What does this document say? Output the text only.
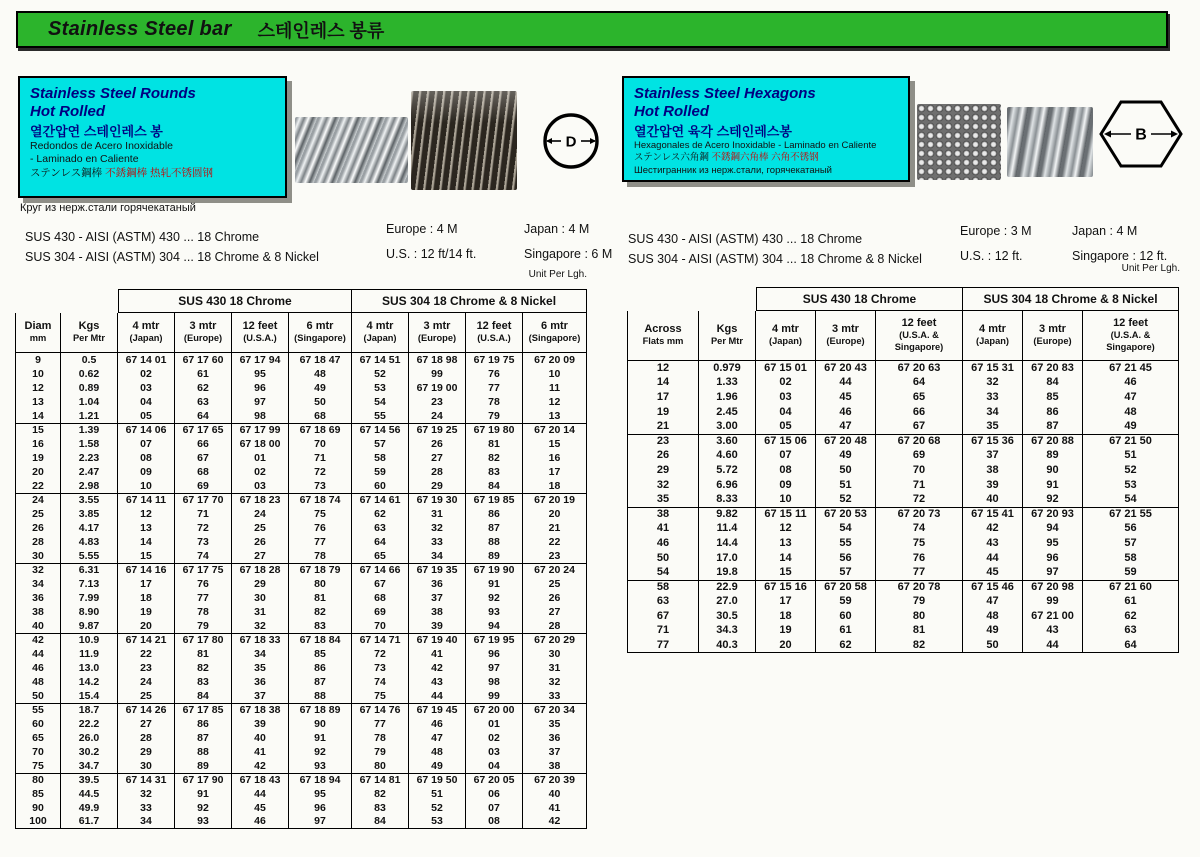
Stainless Steel bar 스테인레스 봉류
Stainless Steel Rounds
Hot Rolled
열간압연 스테인레스 봉
Redondos de Acero Inoxidable
- Laminado en Caliente
ステンレス鋼棒 不銹鋼棒 热轧不锈圆钢
Круг из нерж.стали горячекатаный
D
SUS 430 - AISI (ASTM) 430 ... 18 Chrome
SUS 304 - AISI (ASTM) 304 ... 18 Chrome & 8 Nickel
Europe : 4 M	Japan : 4 M
U.S. : 12 ft/14 ft.	Singapore : 6 M
Unit Per Lgh.
Stainless Steel Hexagons
Hot Rolled
열간압연 육각 스테인레스봉
Hexagonales de Acero Inoxidable - Laminado en Caliente
ステンレス六角鋼 不銹鋼六角棒 六角不锈钢
Шестигранник из нерж.стали, горячекатаный
B
SUS 430 - AISI (ASTM) 430 ... 18 Chrome
SUS 304 - AISI (ASTM) 304 ... 18 Chrome & 8 Nickel
Europe : 3 M	Japan : 4 M
U.S. : 12 ft.	Singapore : 12 ft.
Unit Per Lgh.
SUS 430 18 Chrome	SUS 304 18 Chrome & 8 Nickel
Diam
mm
Kgs
Per Mtr
4 mtr
(Japan)
3 mtr
(Europe)
12 feet
(U.S.A.)
6 mtr
(Singapore)
4 mtr
(Japan)
3 mtr
(Europe)
12 feet
(U.S.A.)
6 mtr
(Singapore)
9	0.5	67 14 01	67 17 60	67 17 94	67 18 47	67 14 51	67 18 98	67 19 75	67 20 09
10	0.62	02	61	95	48	52	99	76	10
12	0.89	03	62	96	49	53	67 19 00	77	11
13	1.04	04	63	97	50	54	23	78	12
14	1.21	05	64	98	68	55	24	79	13
15	1.39	67 14 06	67 17 65	67 17 99	67 18 69	67 14 56	67 19 25	67 19 80	67 20 14
16	1.58	07	66	67 18 00	70	57	26	81	15
19	2.23	08	67	01	71	58	27	82	16
20	2.47	09	68	02	72	59	28	83	17
22	2.98	10	69	03	73	60	29	84	18
24	3.55	67 14 11	67 17 70	67 18 23	67 18 74	67 14 61	67 19 30	67 19 85	67 20 19
25	3.85	12	71	24	75	62	31	86	20
26	4.17	13	72	25	76	63	32	87	21
28	4.83	14	73	26	77	64	33	88	22
30	5.55	15	74	27	78	65	34	89	23
32	6.31	67 14 16	67 17 75	67 18 28	67 18 79	67 14 66	67 19 35	67 19 90	67 20 24
34	7.13	17	76	29	80	67	36	91	25
36	7.99	18	77	30	81	68	37	92	26
38	8.90	19	78	31	82	69	38	93	27
40	9.87	20	79	32	83	70	39	94	28
42	10.9	67 14 21	67 17 80	67 18 33	67 18 84	67 14 71	67 19 40	67 19 95	67 20 29
44	11.9	22	81	34	85	72	41	96	30
46	13.0	23	82	35	86	73	42	97	31
48	14.2	24	83	36	87	74	43	98	32
50	15.4	25	84	37	88	75	44	99	33
55	18.7	67 14 26	67 17 85	67 18 38	67 18 89	67 14 76	67 19 45	67 20 00	67 20 34
60	22.2	27	86	39	90	77	46	01	35
65	26.0	28	87	40	91	78	47	02	36
70	30.2	29	88	41	92	79	48	03	37
75	34.7	30	89	42	93	80	49	04	38
80	39.5	67 14 31	67 17 90	67 18 43	67 18 94	67 14 81	67 19 50	67 20 05	67 20 39
85	44.5	32	91	44	95	82	51	06	40
90	49.9	33	92	45	96	83	52	07	41
100	61.7	34	93	46	97	84	53	08	42
SUS 430 18 Chrome	SUS 304 18 Chrome & 8 Nickel
Across
Flats mm
Kgs
Per Mtr
4 mtr
(Japan)
3 mtr
(Europe)
12 feet
(U.S.A. &
Singapore)
4 mtr
(Japan)
3 mtr
(Europe)
12 feet
(U.S.A. &
Singapore)
12	0.979	67 15 01	67 20 43	67 20 63	67 15 31	67 20 83	67 21 45
14	1.33	02	44	64	32	84	46
17	1.96	03	45	65	33	85	47
19	2.45	04	46	66	34	86	48
21	3.00	05	47	67	35	87	49
23	3.60	67 15 06	67 20 48	67 20 68	67 15 36	67 20 88	67 21 50
26	4.60	07	49	69	37	89	51
29	5.72	08	50	70	38	90	52
32	6.96	09	51	71	39	91	53
35	8.33	10	52	72	40	92	54
38	9.82	67 15 11	67 20 53	67 20 73	67 15 41	67 20 93	67 21 55
41	11.4	12	54	74	42	94	56
46	14.4	13	55	75	43	95	57
50	17.0	14	56	76	44	96	58
54	19.8	15	57	77	45	97	59
58	22.9	67 15 16	67 20 58	67 20 78	67 15 46	67 20 98	67 21 60
63	27.0	17	59	79	47	99	61
67	30.5	18	60	80	48	67 21 00	62
71	34.3	19	61	81	49	43	63
77	40.3	20	62	82	50	44	64
